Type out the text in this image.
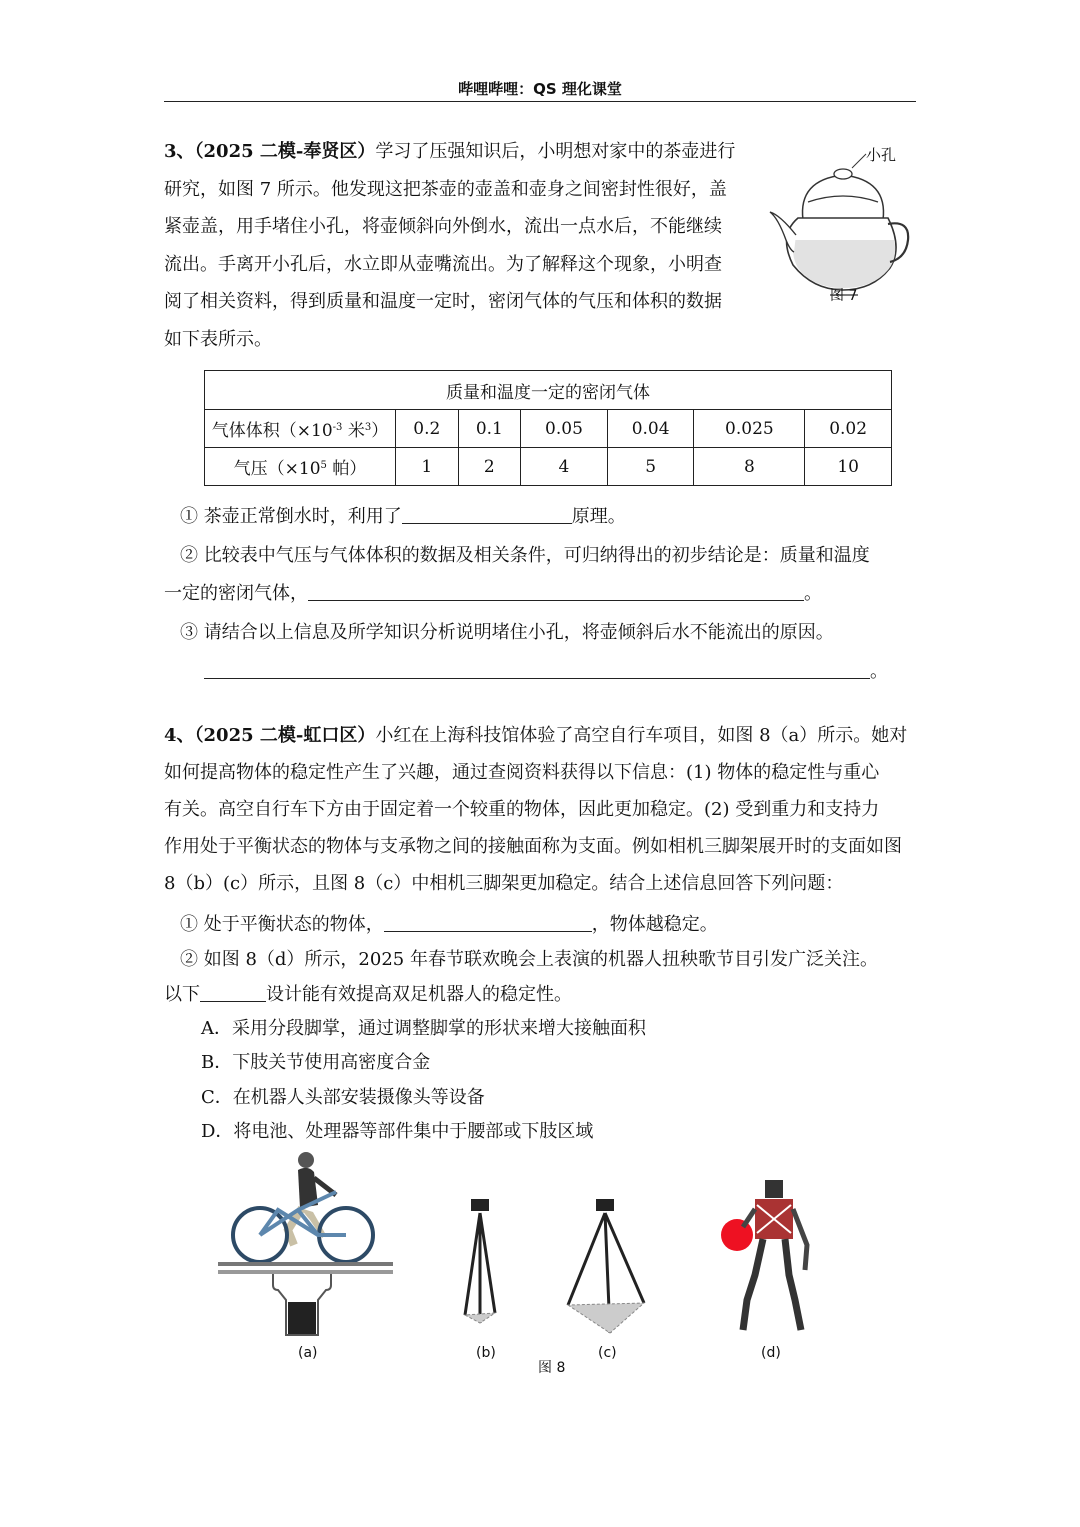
哔哩哔哩：QS 理化课堂

3、（2025 二模-奉贤区）学习了压强知识后，小明想对家中的茶壶进行

研究，如图 7 所示。他发现这把茶壶的壶盖和壶身之间密封性很好，盖

紧壶盖，用手堵住小孔，将壶倾斜向外倒水，流出一点水后，不能继续

流出。手离开小孔后，水立即从壶嘴流出。为了解释这个现象，小明查

阅了相关资料，得到质量和温度一定时，密闭气体的气压和体积的数据

如下表所示。

小孔
图 7
质量和温度一定的密闭气体						
气体体积（$\times 10^{-3}$ 米$^3$）	0.2	0.1	0.05	0.04	0.025	0.02
气压（$\times 10^5$ 帕）	1	2	4	5	8	10
① 茶壶正常倒水时，利用了	原理。
② 比较表中气压与气体体积的数据及相关条件，可归纳得出的初步结论是：质量和温度
一定的密闭气体，	。
③ 请结合以上信息及所学知识分析说明堵住小孔，将壶倾斜后水不能流出的原因。
。

4、（2025 二模-虹口区）小红在上海科技馆体验了高空自行车项目，如图 8（a）所示。她对

如何提高物体的稳定性产生了兴趣，通过查阅资料获得以下信息：(1) 物体的稳定性与重心

有关。高空自行车下方由于固定着一个较重的物体，因此更加稳定。(2) 受到重力和支持力

作用处于平衡状态的物体与支承物之间的接触面称为支面。例如相机三脚架展开时的支面如图

8（b）(c）所示，且图 8（c）中相机三脚架更加稳定。结合上述信息回答下列问题：

① 处于平衡状态的物体，	，物体越稳定。
② 如图 8（d）所示，2025 年春节联欢晚会上表演的机器人扭秧歌节目引发广泛关注。
以下	设计能有效提高双足机器人的稳定性。
A．采用分段脚掌，通过调整脚掌的形状来增大接触面积
B．下肢关节使用高密度合金
C．在机器人头部安装摄像头等设备
D．将电池、处理器等部件集中于腰部或下肢区域
(a)	(b)	(c)	(d)
图 8
